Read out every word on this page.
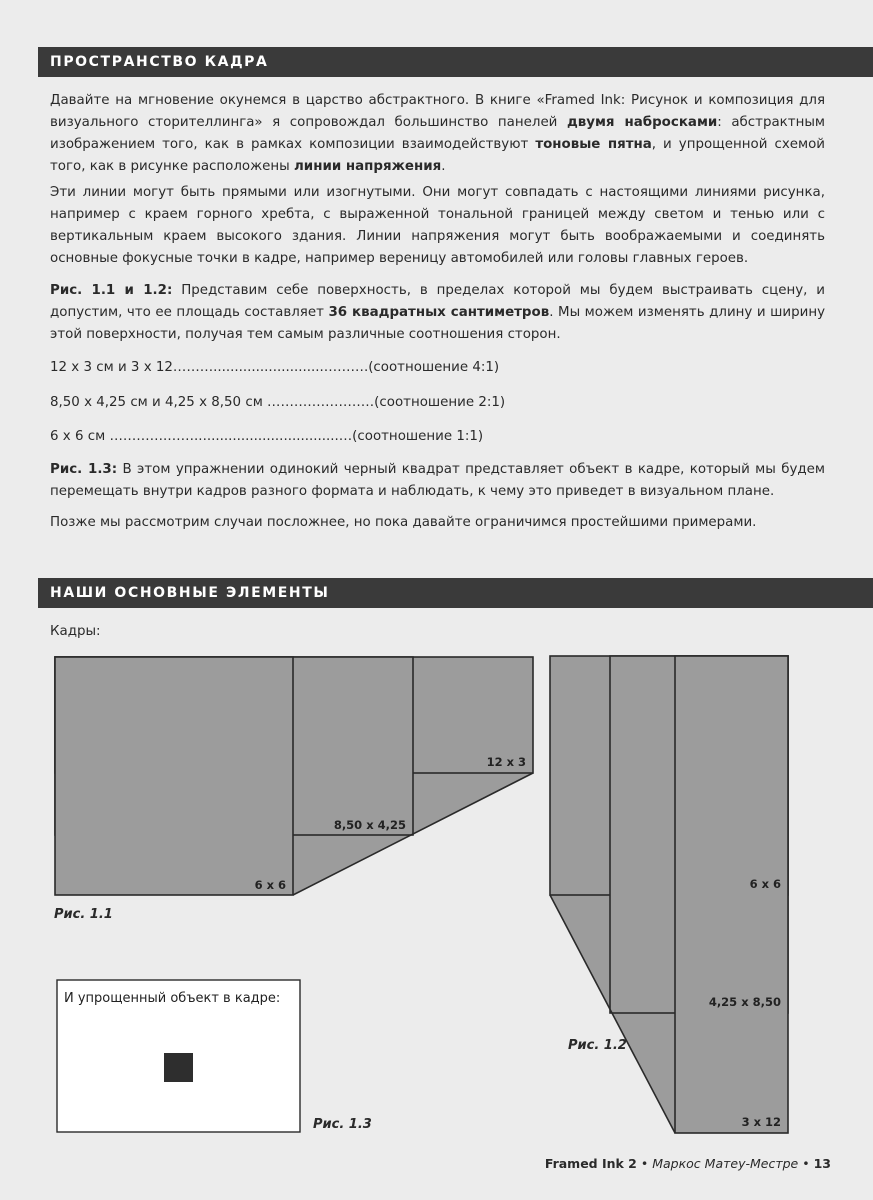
ПРОСТРАНСТВО КАДРА

Давайте на мгновение окунемся в царство абстрактного. В книге «Framed Ink: Рисунок и композиция для визуального сторителлинга» я сопровождал большинство панелей двумя набросками: абстрактным изображением того, как в рамках композиции взаимодействуют тоновые пятна, и упрощенной схемой того, как в рисунке расположены линии напряжения.

Эти линии могут быть прямыми или изогнутыми. Они могут совпадать с настоящими линиями рисунка, например с краем горного хребта, с выраженной тональной границей между светом и тенью или с вертикальным краем высокого здания. Линии напряжения могут быть воображаемыми и соединять основные фокусные точки в кадре, например вереницу автомобилей или головы главных героев.

Рис. 1.1 и 1.2: Представим себе поверхность, в пределах которой мы будем выстраивать сцену, и допустим, что ее площадь составляет 36 квадратных сантиметров. Мы можем изменять длину и ширину этой поверхности, получая тем самым различные соотношения сторон.

12 x 3 см и 3 x 12………..........................……….(соотношение 4:1)

8,50 x 4,25 см и 4,25 x 8,50 см ……………………(соотношение 2:1)

6 x 6 см ………….……..................................…(соотношение 1:1)

Рис. 1.3: В этом упражнении одинокий черный квадрат представляет объект в кадре, который мы будем перемещать внутри кадров разного формата и наблюдать, к чему это приведет в визуальном плане.

Позже мы рассмотрим случаи посложнее, но пока давайте ограничимся простейшими примерами.

НАШИ ОСНОВНЫЕ ЭЛЕМЕНТЫ
Кадры:
12 x 3
8,50 x 4,25
6 x 6	6 x 6
4,25 x 8,50
3 x 12
И упрощенный объект в кадре:
Рис. 1.1
Рис. 1.2
Рис. 1.3
Framed Ink 2 • Маркос Матеу-Местре • 13
